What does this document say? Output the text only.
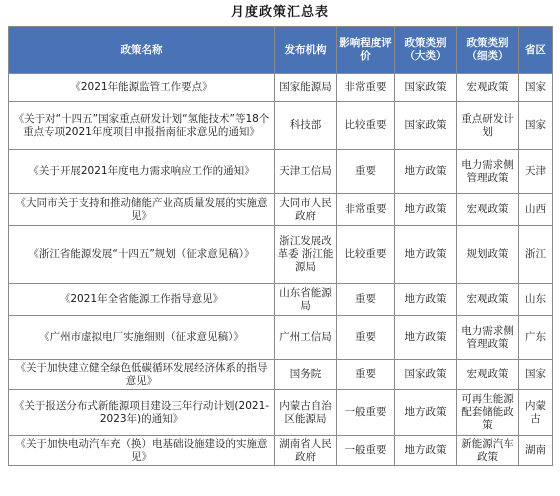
月度政策汇总表
政策名称	发布机构	影响程度评价	政策类别（大类）	政策类别（细类）	省区
《2021年能源监管工作要点》	国家能源局	非常重要	国家政策	宏观政策	国家
《关于对“十四五”国家重点研发计划“氢能技术”等18个重点专项2021年度项目申报指南征求意见的通知》	科技部	比较重要	国家政策	重点研发计划	国家
《关于开展2021年度电力需求响应工作的通知》	天津工信局	重要	地方政策	电力需求侧管理政策	天津
《大同市关于支持和推动储能产业高质量发展的实施意见》	大同市人民政府	非常重要	地方政策	宏观政策	山西
《浙江省能源发展“十四五”规划（征求意见稿）》	浙江发展改革委 浙江能源局	比较重要	地方政策	规划政策	浙江
《2021年全省能源工作指导意见》	山东省能源局	重要	地方政策	宏观政策	山东
《广州市虚拟电厂实施细则（征求意见稿）》	广州工信局	重要	地方政策	电力需求侧管理政策	广东
《关于加快建立健全绿色低碳循环发展经济体系的指导意见》	国务院	重要	国家政策	宏观政策	国家
《关于报送分布式新能源项目建设三年行动计划(2021-2023年)的通知》	内蒙古自治区能源局	一般重要	地方政策	可再生能源配套储能政策	内蒙古
《关于加快电动汽车充（换）电基础设施建设的实施意见》	湖南省人民政府	一般重要	地方政策	新能源汽车政策	湖南
